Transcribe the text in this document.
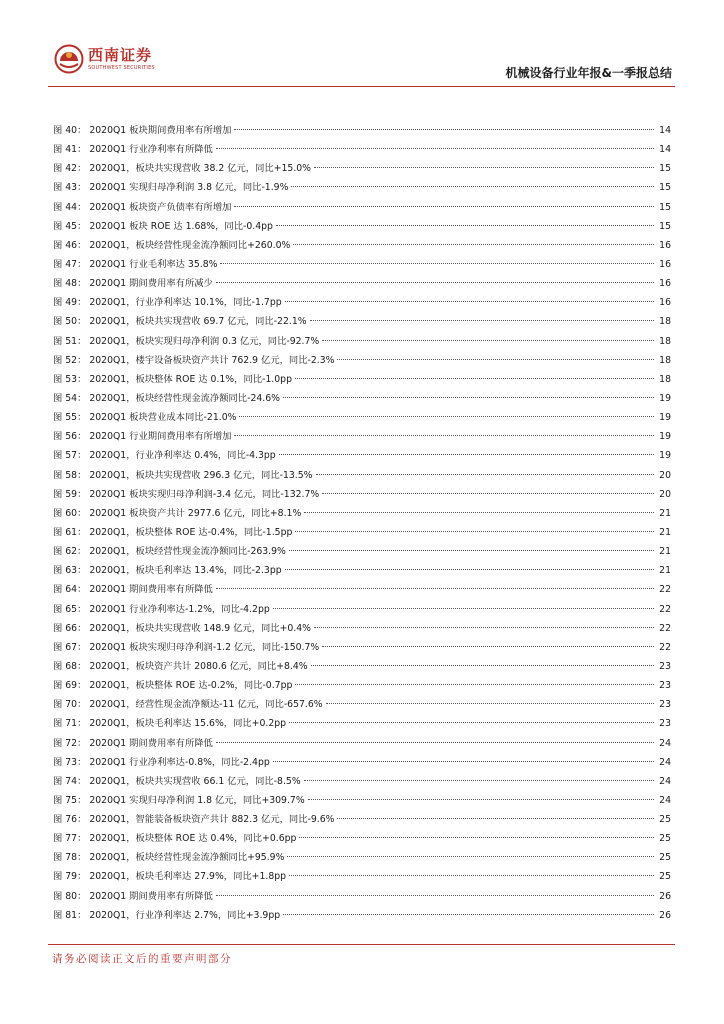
西南证券
SOUTHWEST SECURITIES	机械设备行业年报&一季报总结
图 40： 2020Q1 板块期间费用率有所增加	14
图 41： 2020Q1 行业净利率有所降低	14
图 42： 2020Q1，板块共实现营收 38.2 亿元，同比+15.0%	15
图 43： 2020Q1 实现归母净利润 3.8 亿元，同比-1.9%	15
图 44： 2020Q1 板块资产负债率有所增加	15
图 45： 2020Q1 板块 ROE 达 1.68%，同比-0.4pp	15
图 46： 2020Q1，板块经营性现金流净额同比+260.0%	16
图 47： 2020Q1 行业毛利率达 35.8%	16
图 48： 2020Q1 期间费用率有所减少	16
图 49： 2020Q1，行业净利率达 10.1%，同比-1.7pp	16
图 50： 2020Q1，板块共实现营收 69.7 亿元，同比-22.1%	18
图 51： 2020Q1，板块实现归母净利润 0.3 亿元，同比-92.7%	18
图 52： 2020Q1，楼宇设备板块资产共计 762.9 亿元，同比-2.3%	18
图 53： 2020Q1，板块整体 ROE 达 0.1%，同比-1.0pp	18
图 54： 2020Q1，板块经营性现金流净额同比-24.6%	19
图 55： 2020Q1 板块营业成本同比-21.0%	19
图 56： 2020Q1 行业期间费用率有所增加	19
图 57： 2020Q1，行业净利率达 0.4%，同比-4.3pp	19
图 58： 2020Q1，板块共实现营收 296.3 亿元，同比-13.5%	20
图 59： 2020Q1 板块实现归母净利润-3.4 亿元，同比-132.7%	20
图 60： 2020Q1 板块资产共计 2977.6 亿元，同比+8.1%	21
图 61： 2020Q1，板块整体 ROE 达-0.4%，同比-1.5pp	21
图 62： 2020Q1，板块经营性现金流净额同比-263.9%	21
图 63： 2020Q1，板块毛利率达 13.4%，同比-2.3pp	21
图 64： 2020Q1 期间费用率有所降低	22
图 65： 2020Q1 行业净利率达-1.2%，同比-4.2pp	22
图 66： 2020Q1，板块共实现营收 148.9 亿元，同比+0.4%	22
图 67： 2020Q1 板块实现归母净利润-1.2 亿元，同比-150.7%	22
图 68： 2020Q1，板块资产共计 2080.6 亿元，同比+8.4%	23
图 69： 2020Q1，板块整体 ROE 达-0.2%，同比-0.7pp	23
图 70： 2020Q1，经营性现金流净额达-11 亿元，同比-657.6%	23
图 71： 2020Q1，板块毛利率达 15.6%，同比+0.2pp	23
图 72： 2020Q1 期间费用率有所降低	24
图 73： 2020Q1 行业净利率达-0.8%，同比-2.4pp	24
图 74： 2020Q1，板块共实现营收 66.1 亿元，同比-8.5%	24
图 75： 2020Q1 实现归母净利润 1.8 亿元，同比+309.7%	24
图 76： 2020Q1，智能装备板块资产共计 882.3 亿元，同比-9.6%	25
图 77： 2020Q1，板块整体 ROE 达 0.4%，同比+0.6pp	25
图 78： 2020Q1，板块经营性现金流净额同比+95.9%	25
图 79： 2020Q1，板块毛利率达 27.9%，同比+1.8pp	25
图 80： 2020Q1 期间费用率有所降低	26
图 81： 2020Q1，行业净利率达 2.7%，同比+3.9pp	26
请务必阅读正文后的重要声明部分
